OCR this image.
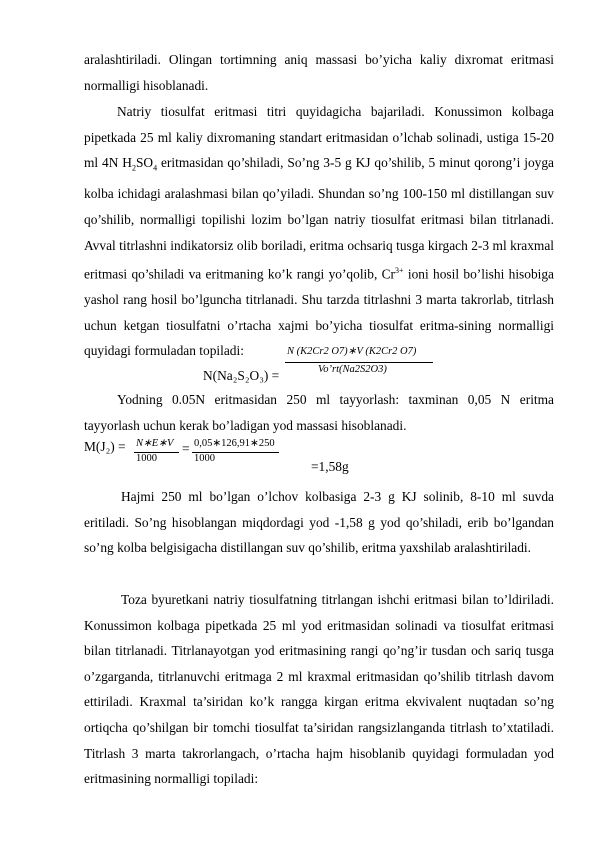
aralashtiriladi. Olingan tortimning aniq massasi bo’yicha kaliy dixromat eritmasi normalligi hisoblanadi.

Natriy tiosulfat eritmasi titri quyidagicha bajariladi. Konussimon kolbaga pipetkada 25 ml kaliy dixromaning standart eritmasidan o’lchab solinadi, ustiga 15-20 ml 4N $H_2SO_4$ eritmasidan qo’shiladi, So’ng 3-5 g KJ qo’shilib, 5 minut qorong’i joyga kolba ichidagi aralashmasi bilan qo’yiladi. Shundan so’ng 100-150 ml distillangan suv qo’shilib, normalligi topilishi lozim bo’lgan natriy tiosulfat eritmasi bilan titrlanadi. Avval titrlashni indikatorsiz olib boriladi, eritma ochsariq tusga kirgach 2-3 ml kraxmal eritmasi qo’shiladi va eritmaning ko’k rangi yo’qolib, $Cr^{3+}$ ioni hosil bo’lishi hisobiga yashol rang hosil bo’lguncha titrlanadi. Shu tarzda titrlashni 3 marta takrorlab, titrlash uchun ketgan tiosulfatni o’rtacha xajmi bo’yicha tiosulfat eritma-sining normalligi quyidagi formuladan topiladi:

N(Na₂S₂O₃) =
N (K2Cr2 O7)∗V (K2Cr2 O7)
Vo’rt(Na2S2O3)

Yodning 0.05N eritmasidan 250 ml tayyorlash: taxminan 0,05 N eritma tayyorlash uchun kerak bo’ladigan yod massasi hisoblanadi.

M(J₂) = N∗E∗V
1000
= 0,05∗126,91∗250
1000
=1,58g

Hajmi 250 ml bo’lgan o’lchov kolbasiga 2-3 g KJ solinib, 8-10 ml suvda eritiladi. So’ng hisoblangan miqdordagi yod -1,58 g yod qo’shiladi, erib bo’lgandan so’ng kolba belgisigacha distillangan suv qo’shilib, eritma yaxshilab aralashtiriladi.

Toza byuretkani natriy tiosulfatning titrlangan ishchi eritmasi bilan to’ldiriladi. Konussimon kolbaga pipetkada 25 ml yod eritmasidan solinadi va tiosulfat eritmasi bilan titrlanadi. Titrlanayotgan yod eritmasining rangi qo’ng’ir tusdan och sariq tusga o’zgarganda, titrlanuvchi eritmaga 2 ml kraxmal eritmasidan qo’shilib titrlash davom ettiriladi. Kraxmal ta’siridan ko’k rangga kirgan eritma ekvivalent nuqtadan so’ng ortiqcha qo’shilgan bir tomchi tiosulfat ta’siridan rangsizlanganda titrlash to’xtatiladi. Titrlash 3 marta takrorlangach, o’rtacha hajm hisoblanib quyidagi formuladan yod eritmasining normalligi topiladi:
